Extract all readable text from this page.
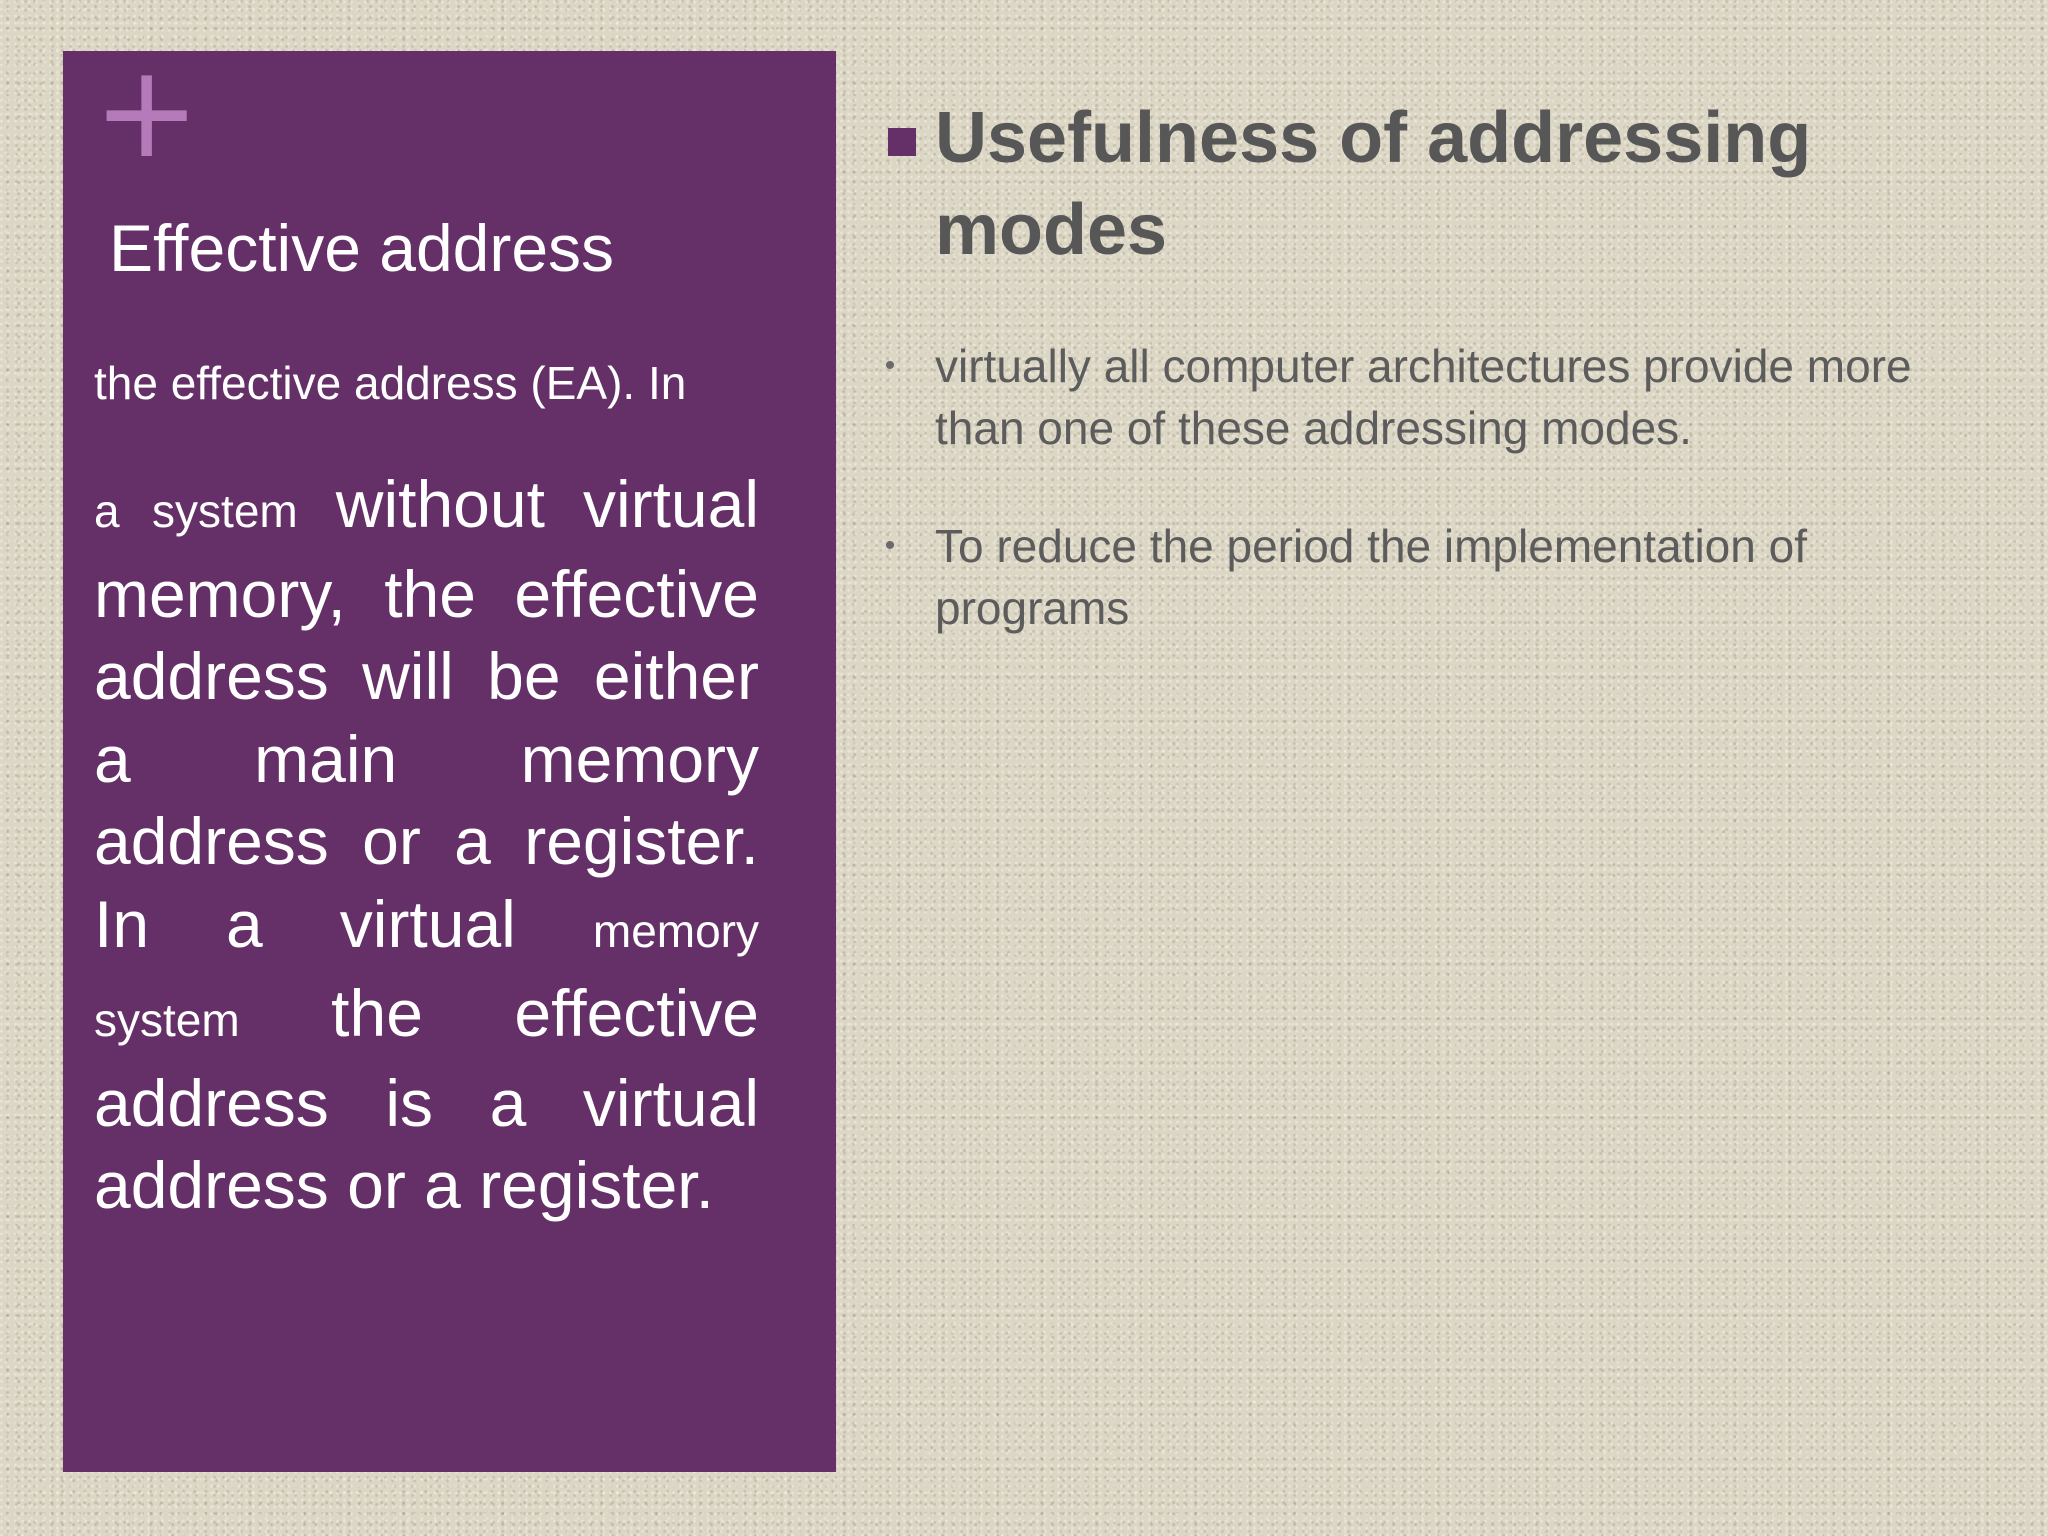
+
Effective address
the effective address (EA). In
a system without virtual
memory, the effective
address will be either
a main memory
address or a register.
In a virtual memory
system the effective
address is a virtual
address or a register.
Usefulness of addressing modes
• virtually all computer architectures provide more than one of these addressing modes.
• To reduce the period the implementation of programs
